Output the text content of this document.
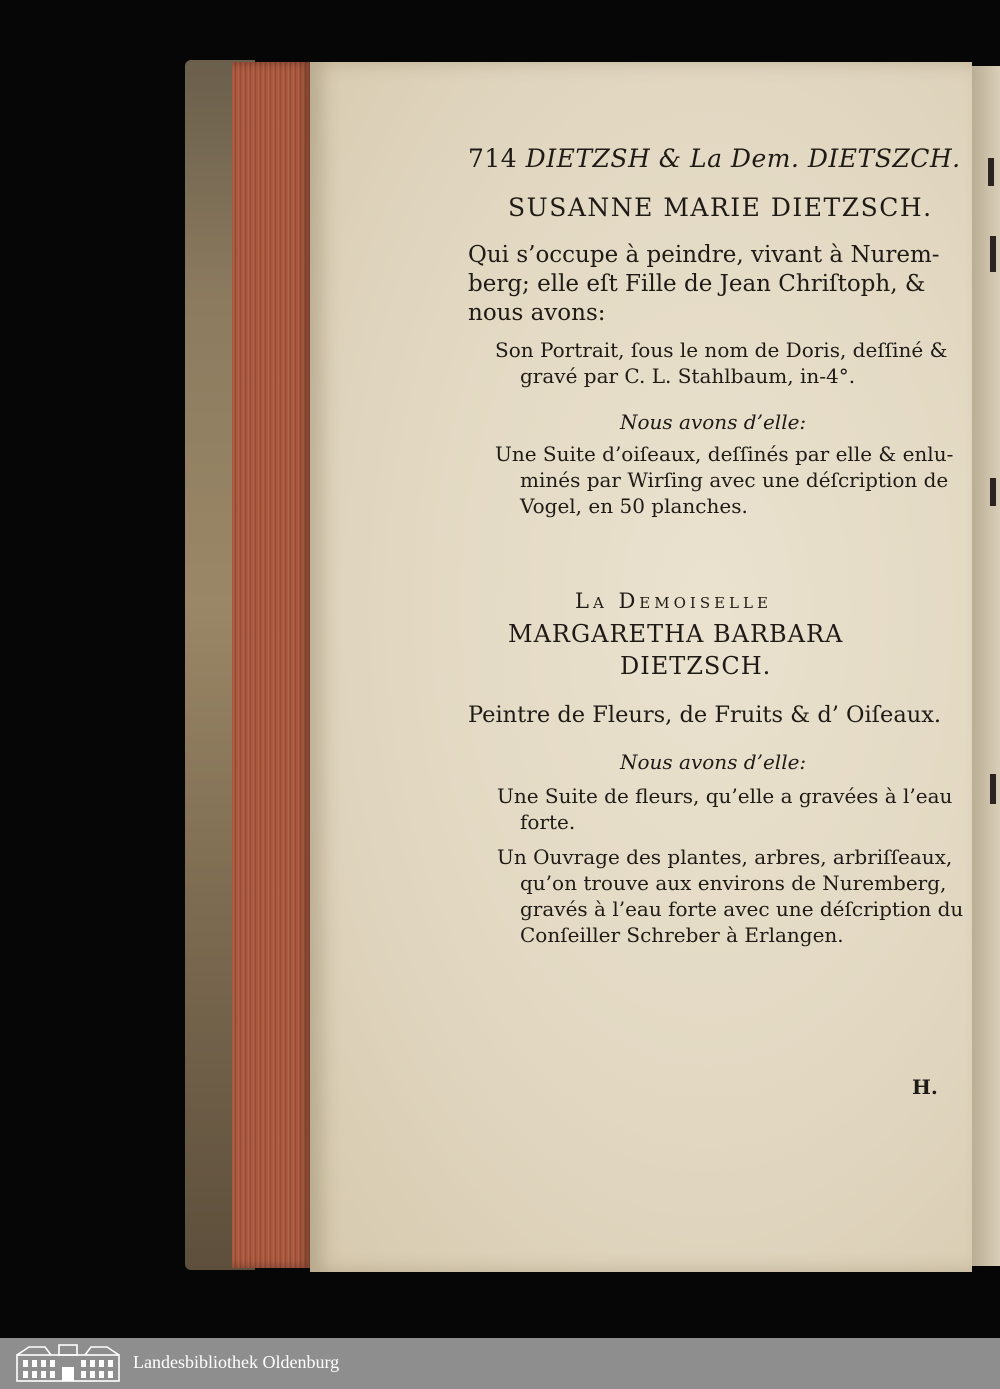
714 DIETZSH & La Dem. DIETSZCH.
SUSANNE MARIE DIETZSCH.
Qui s’occupe à peindre, vivant à Nurem-
berg; elle eſt Fille de Jean Chriſtoph, &
nous avons:
Son Portrait, ſous le nom de Doris, deſſiné &
gravé par C. L. Stahlbaum, in-4°.
Nous avons d’elle:
Une Suite d’oiſeaux, deſſinés par elle & enlu-
minés par Wirſing avec une déſcription de
Vogel, en 50 planches.
La Demoiselle
MARGARETHA BARBARA
DIETZSCH.
Peintre de Fleurs, de Fruits & d’ Oiſeaux.
Nous avons d’elle:
Une Suite de fleurs, qu’elle a gravées à l’eau
forte.
Un Ouvrage des plantes, arbres, arbriſſeaux,
qu’on trouve aux environs de Nuremberg,
gravés à l’eau forte avec une déſcription du
Conſeiller Schreber à Erlangen.
H.
Landesbibliothek Oldenburg
